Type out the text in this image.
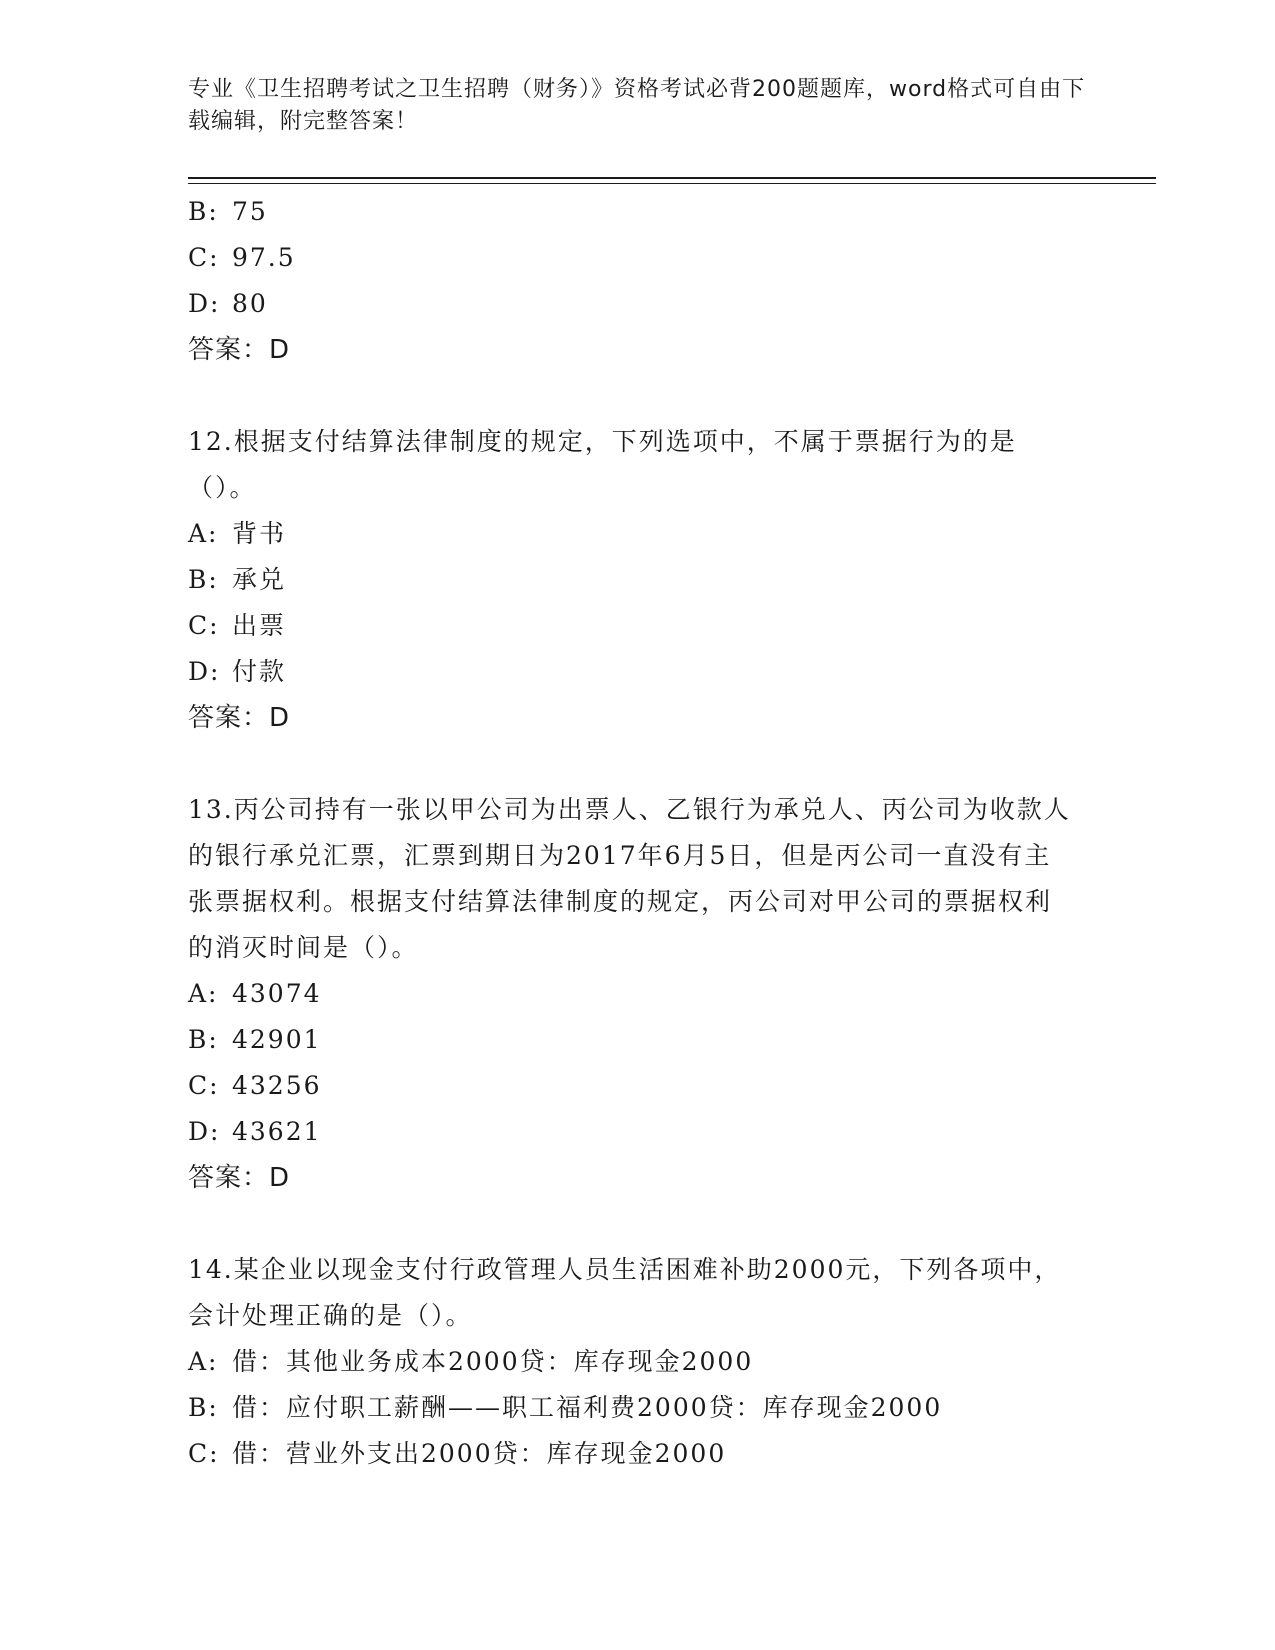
专业《卫生招聘考试之卫生招聘（财务）》资格考试必背200题题库，word格式可自由下载编辑，附完整答案！
B: 75
C: 97.5
D: 80
答案：D
12.根据支付结算法律制度的规定，下列选项中，不属于票据行为的是（）。
A: 背书
B: 承兑
C: 出票
D: 付款
答案：D
13.丙公司持有一张以甲公司为出票人、乙银行为承兑人、丙公司为收款人的银行承兑汇票，汇票到期日为2017年6月5日，但是丙公司一直没有主张票据权利。根据支付结算法律制度的规定，丙公司对甲公司的票据权利的消灭时间是（）。
A: 43074
B: 42901
C: 43256
D: 43621
答案：D
14.某企业以现金支付行政管理人员生活困难补助2000元，下列各项中，会计处理正确的是（）。
A: 借：其他业务成本2000贷：库存现金2000
B: 借：应付职工薪酬——职工福利费2000贷：库存现金2000
C: 借：营业外支出2000贷：库存现金2000
